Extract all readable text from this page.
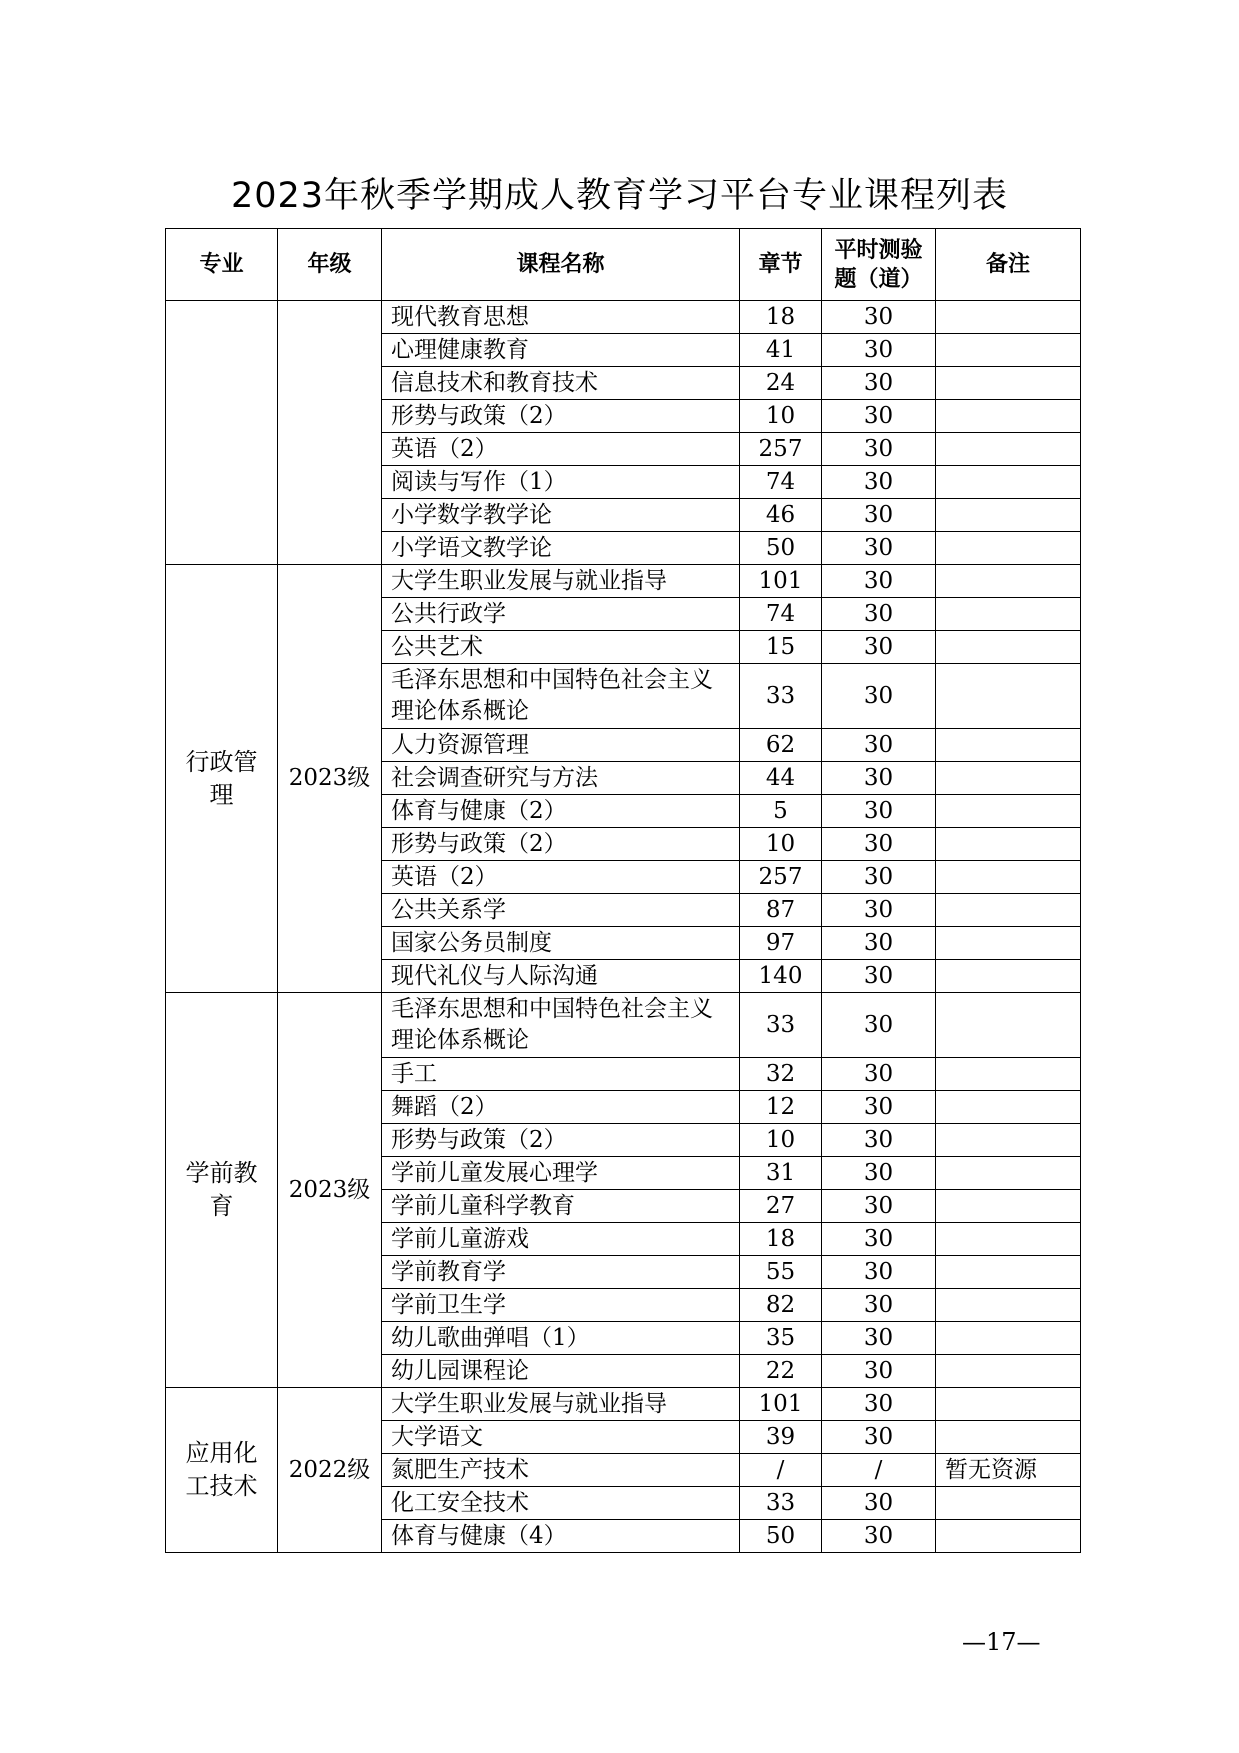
2023年秋季学期成人教育学习平台专业课程列表
专业	年级	课程名称	章节	平时测验题（道）	备注
		现代教育思想	18	30	
		心理健康教育	41	30	
		信息技术和教育技术	24	30	
		形势与政策（2）	10	30	
		英语（2）	257	30	
		阅读与写作（1）	74	30	
		小学数学教学论	46	30	
		小学语文教学论	50	30	
行政管理	2023级	大学生职业发展与就业指导	101	30	
		公共行政学	74	30	
		公共艺术	15	30	
		毛泽东思想和中国特色社会主义理论体系概论	33	30	
		人力资源管理	62	30	
		社会调查研究与方法	44	30	
		体育与健康（2）	5	30	
		形势与政策（2）	10	30	
		英语（2）	257	30	
		公共关系学	87	30	
		国家公务员制度	97	30	
		现代礼仪与人际沟通	140	30	
学前教育	2023级	毛泽东思想和中国特色社会主义理论体系概论	33	30	
		手工	32	30	
		舞蹈（2）	12	30	
		形势与政策（2）	10	30	
		学前儿童发展心理学	31	30	
		学前儿童科学教育	27	30	
		学前儿童游戏	18	30	
		学前教育学	55	30	
		学前卫生学	82	30	
		幼儿歌曲弹唱（1）	35	30	
		幼儿园课程论	22	30	
应用化工技术	2022级	大学生职业发展与就业指导	101	30	
		大学语文	39	30	
		氮肥生产技术	/	/	暂无资源
		化工安全技术	33	30	
		体育与健康（4）	50	30	
—17—
